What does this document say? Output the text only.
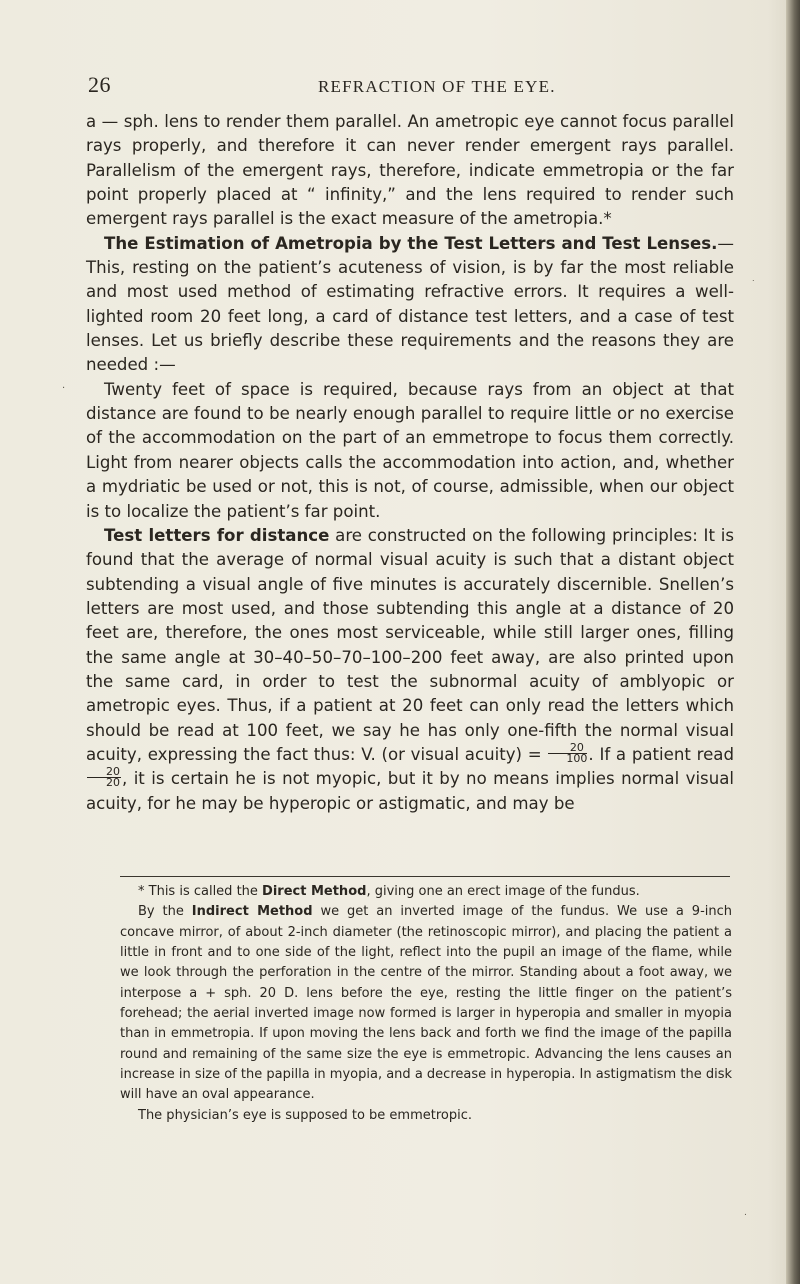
26	REFRACTION OF THE EYE.

a — sph. lens to render them parallel. An ametropic eye cannot focus parallel rays properly, and therefore it can never render emergent rays parallel. Parallelism of the emergent rays, therefore, indicate emmetropia or the far point properly placed at “ infinity,” and the lens required to render such emergent rays parallel is the exact measure of the ametropia.*

The Estimation of Ametropia by the Test Letters and Test Lenses.—This, resting on the patient’s acuteness of vision, is by far the most reliable and most used method of estimating refractive errors. It requires a well-lighted room 20 feet long, a card of distance test letters, and a case of test lenses. Let us briefly describe these requirements and the reasons they are needed :—

Twenty feet of space is required, because rays from an object at that distance are found to be nearly enough parallel to require little or no exercise of the accommodation on the part of an emmetrope to focus them correctly. Light from nearer objects calls the accommodation into action, and, whether a mydriatic be used or not, this is not, of course, admissible, when our object is to localize the patient’s far point.

Test letters for distance are constructed on the following principles: It is found that the average of normal visual acuity is such that a distant object subtending a visual angle of five minutes is accurately discernible. Snellen’s letters are most used, and those subtending this angle at a distance of 20 feet are, therefore, the ones most serviceable, while still larger ones, filling the same angle at 30–40–50–70–100–200 feet away, are also printed upon the same card, in order to test the subnormal acuity of amblyopic or ametropic eyes. Thus, if a patient at 20 feet can only read the letters which should be read at 100 feet, we say he has only one-fifth the normal visual acuity, expressing the fact thus: V. (or visual acuity) = $\frac{20}{100}$ . If a patient read
$\frac{20}{20}$ , it is certain he is not myopic, but it by no means implies normal visual acuity, for he may be hyperopic or astigmatic, and may be

* This is called the Direct Method, giving one an erect image of the fundus.

By the Indirect Method we get an inverted image of the fundus. We use a 9-inch concave mirror, of about 2-inch diameter (the retinoscopic mirror), and placing the patient a little in front and to one side of the light, reflect into the pupil an image of the flame, while we look through the perforation in the centre of the mirror. Standing about a foot away, we interpose a + sph. 20 D. lens before the eye, resting the little finger on the patient’s forehead; the aerial inverted image now formed is larger in hyperopia and smaller in myopia than in emmetropia. If upon moving the lens back and forth we find the image of the papilla round and remaining of the same size the eye is emmetropic. Advancing the lens causes an increase in size of the papilla in myopia, and a decrease in hyperopia. In astigmatism the disk will have an oval appearance.

The physician’s eye is supposed to be emmetropic.

.
.
.
